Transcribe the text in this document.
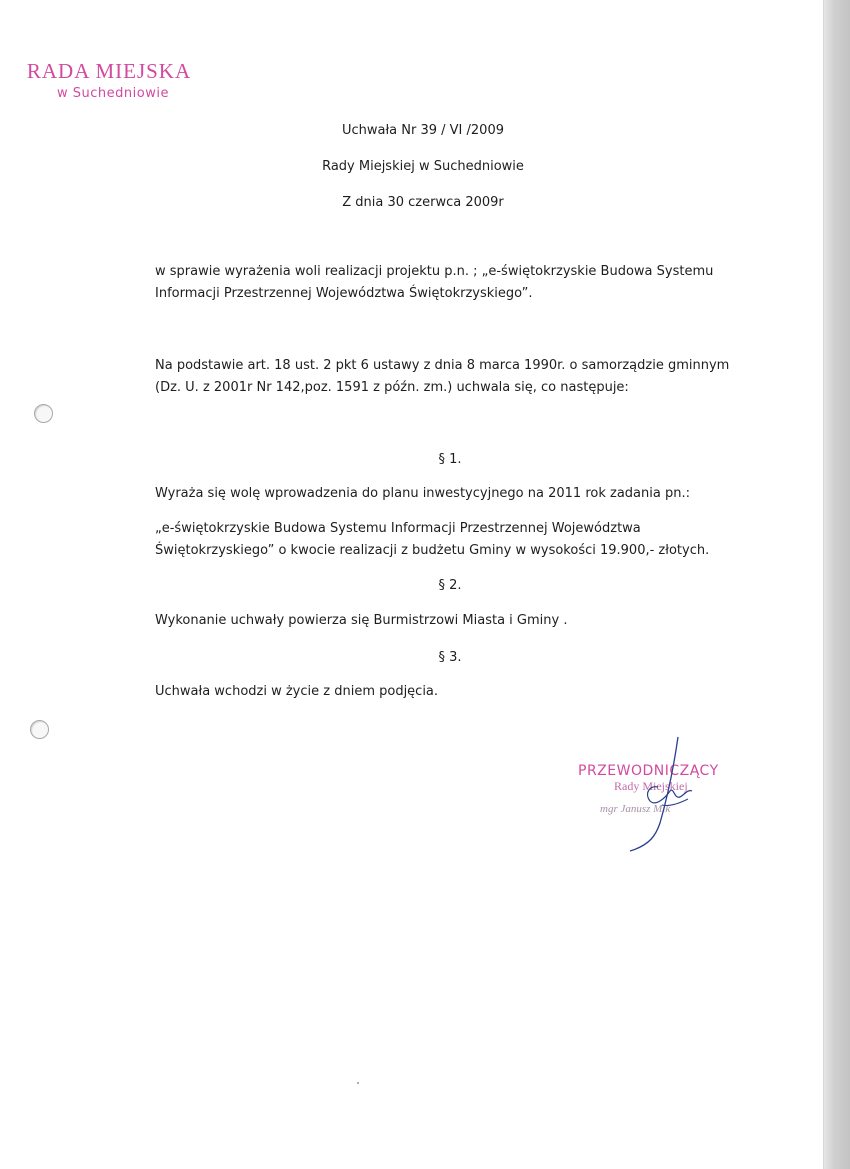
RADA MIEJSKA
w Suchedniowie
Uchwała Nr 39 / VI /2009
Rady Miejskiej w Suchedniowie
Z dnia 30 czerwca 2009r
w sprawie wyrażenia woli realizacji projektu p.n. ; „e-świętokrzyskie Budowa Systemu
Informacji Przestrzennej Województwa Świętokrzyskiego”.
Na podstawie art. 18 ust. 2 pkt 6 ustawy z dnia 8 marca 1990r. o samorządzie gminnym
(Dz. U. z 2001r Nr 142,poz. 1591 z późn. zm.) uchwala się, co następuje:
§ 1.
Wyraża się wolę wprowadzenia do planu inwestycyjnego na 2011 rok zadania pn.:
„e-świętokrzyskie Budowa Systemu Informacji Przestrzennej Województwa
Świętokrzyskiego” o kwocie realizacji z budżetu Gminy w wysokości 19.900,- złotych.
§ 2.
Wykonanie uchwały powierza się Burmistrzowi Miasta i Gminy .
§ 3.
Uchwała wchodzi w życie z dniem podjęcia.
PRZEWODNICZĄCY
Rady Miejskiej
mgr Janusz Mik
